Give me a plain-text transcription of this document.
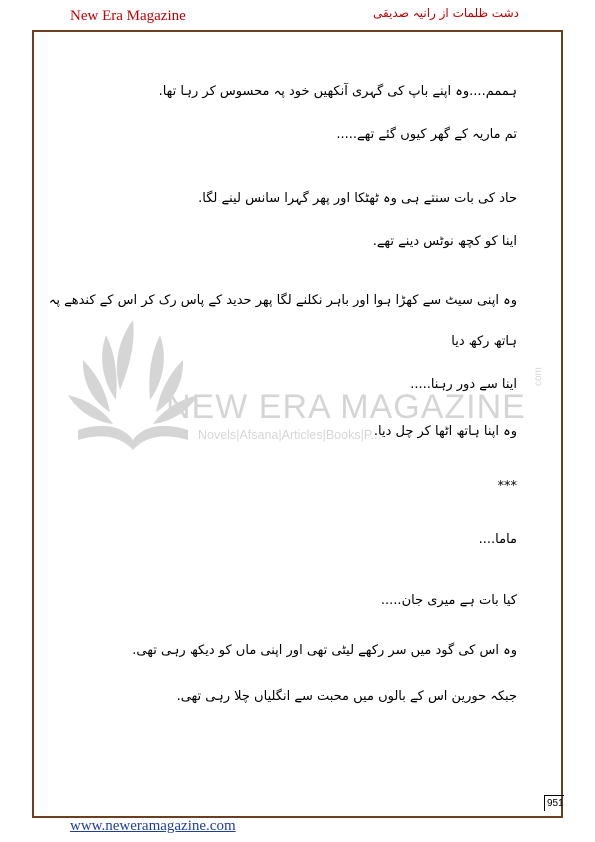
New Era Magazine	دشت ظلمات از رانیہ صدیقی
NEW ERA MAGAZINE
Novels|Afsana|Articles|Books|P...
com
ہممم....وہ اپنے باپ کی گہری آنکھیں خود پہ محسوس کر رہا تھا.
تم ماریہ کے گھر کیوں گئے تھے.....
حاد کی بات سنتے ہی وہ ٹھٹکا اور پھر گہرا سانس لینے لگا.
اینا کو کچھ نوٹس دینے تھے.
وہ اپنی سیٹ سے کھڑا ہوا اور باہر نکلنے لگا پھر حدید کے پاس رک کر اس کے کندھے پہ
ہاتھ رکھ دیا
اینا سے دور رہنا.....
وہ اپنا ہاتھ اٹھا کر چل دیا.
***
ماما....
کیا بات ہے میری جان.....
وہ اس کی گود میں سر رکھے لیٹی تھی اور اپنی ماں کو دیکھ رہی تھی.
جبکہ حورین اس کے بالوں میں محبت سے انگلیاں چلا رہی تھی.
951
www.neweramagazine.com
